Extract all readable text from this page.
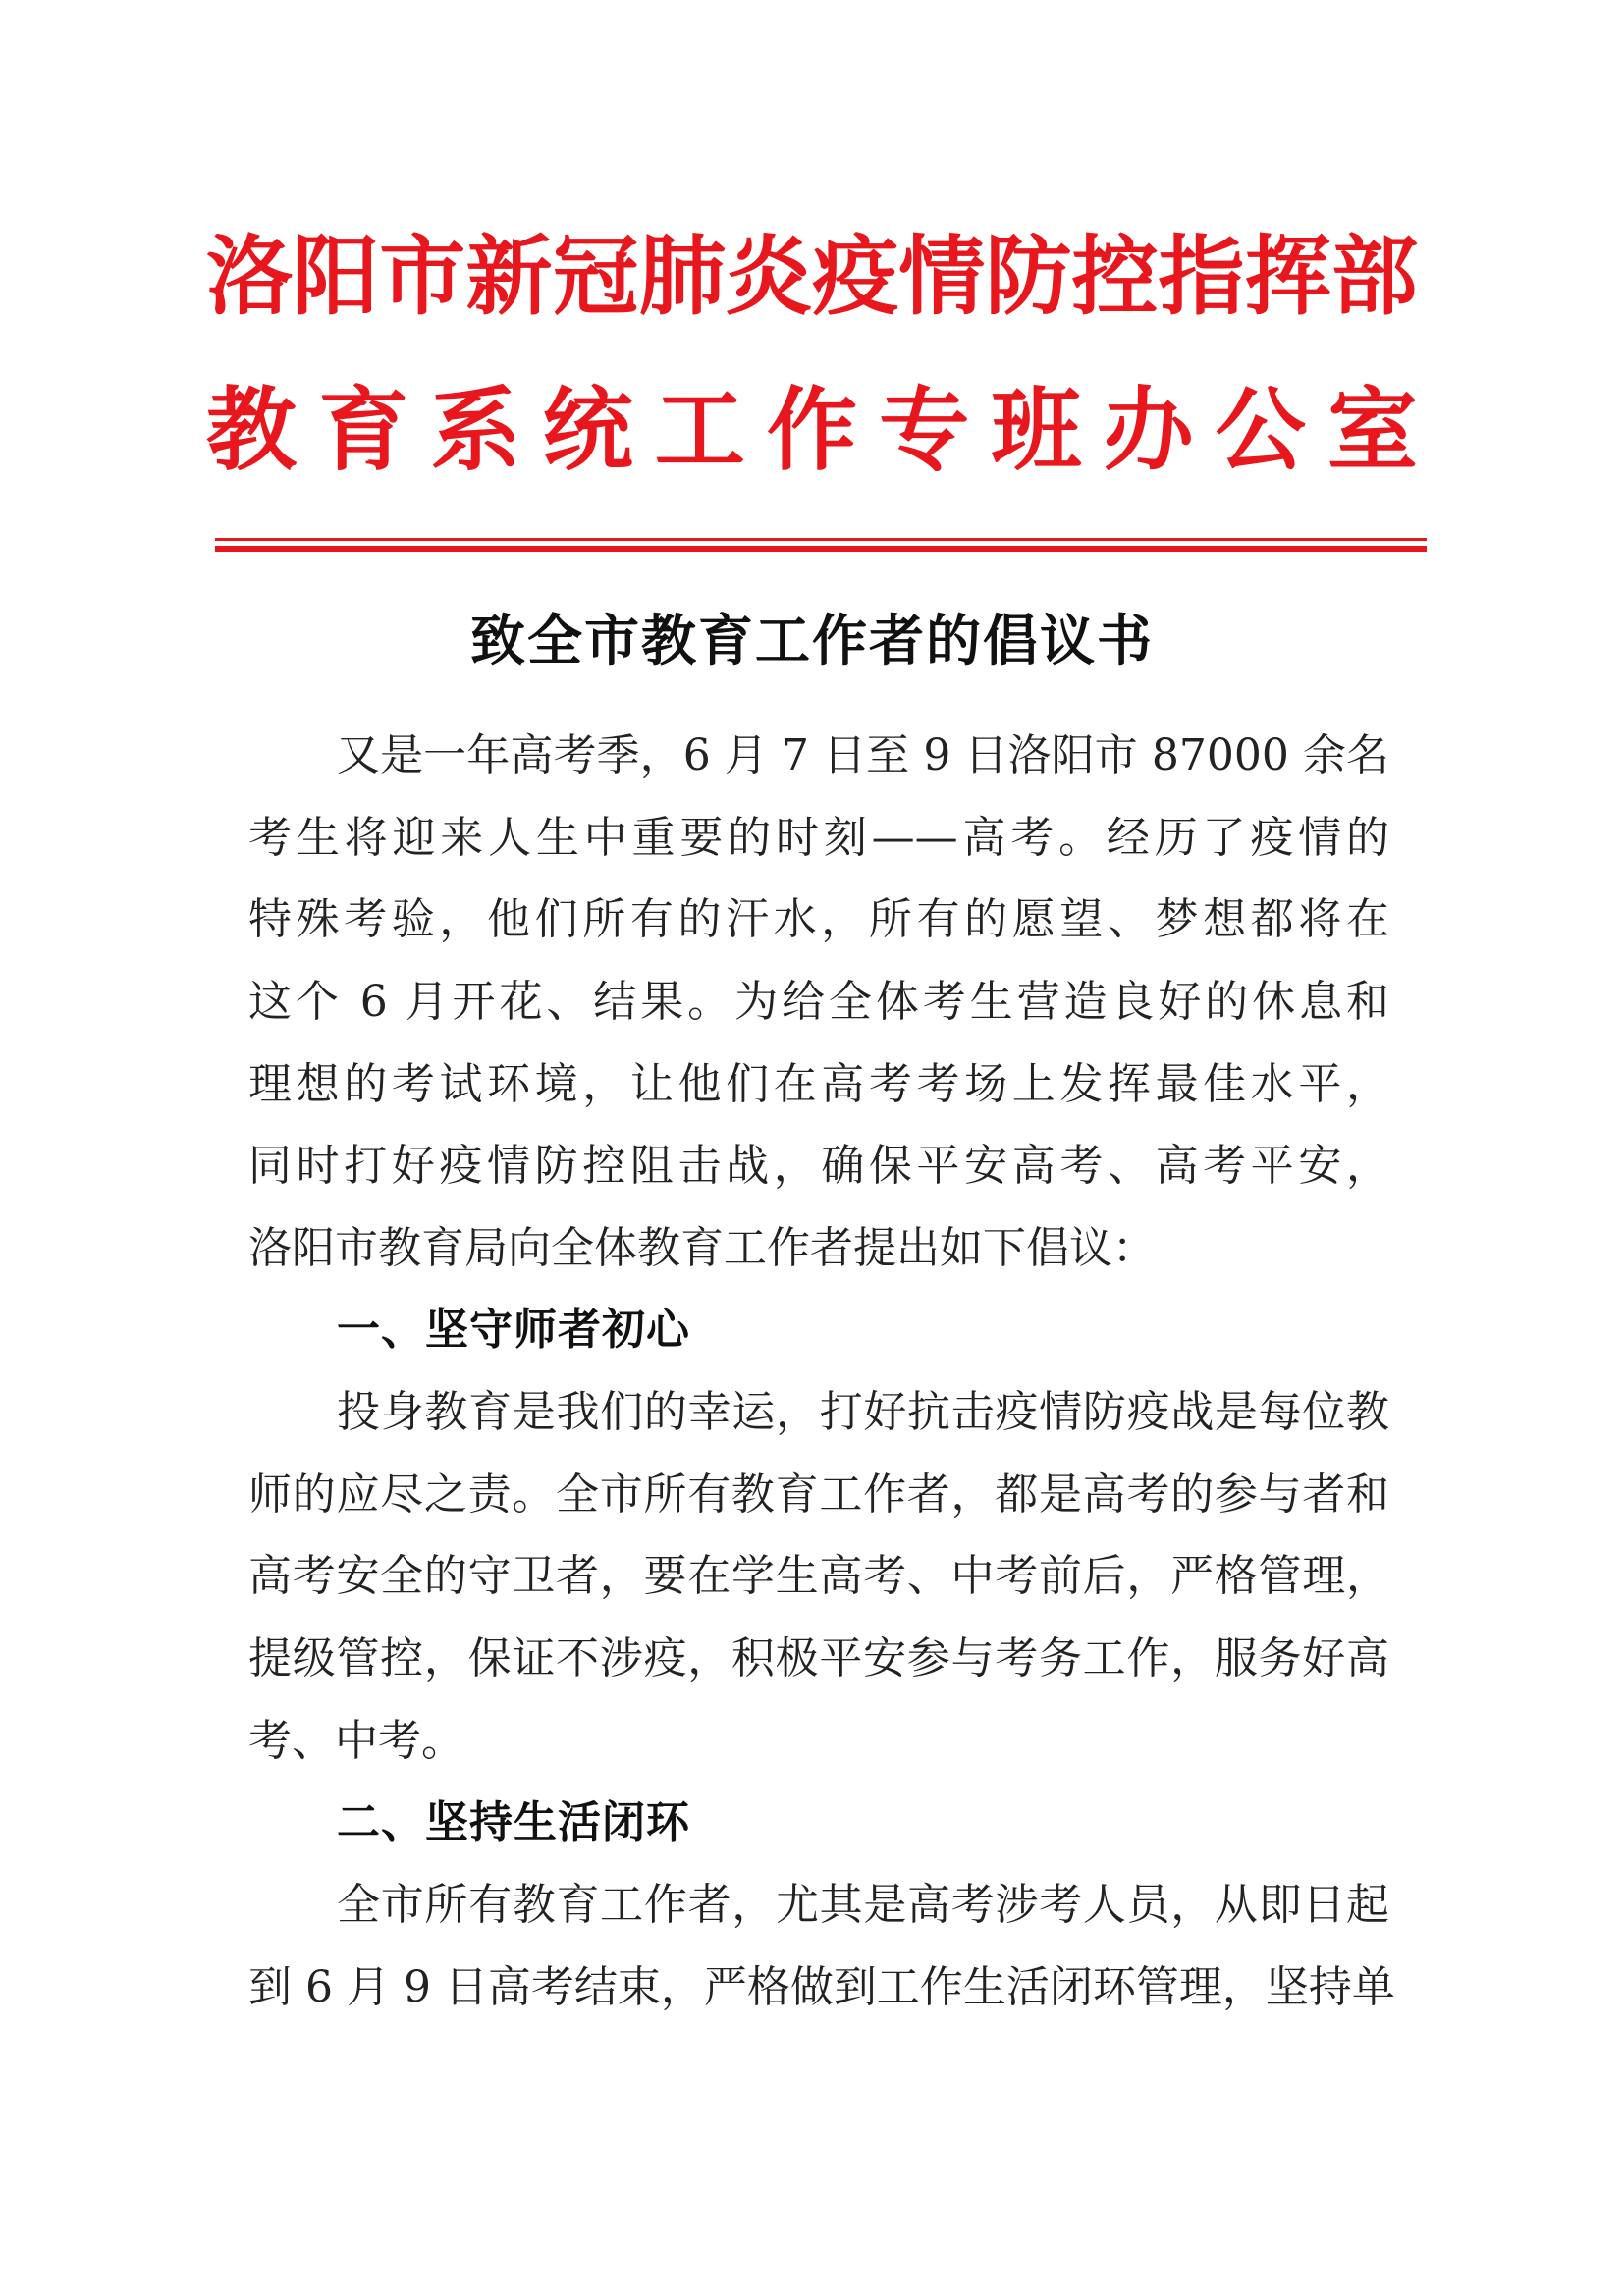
洛阳市新冠肺炎疫情防控指挥部
教育系统工作专班办公室
致全市教育工作者的倡议书
又是一年高考季，6 月 7 日至 9 日洛阳市 87000 余名
考生将迎来人生中重要的时刻——高考。经历了疫情的
特殊考验，他们所有的汗水，所有的愿望、梦想都将在
这个 6 月开花、结果。为给全体考生营造良好的休息和
理想的考试环境，让他们在高考考场上发挥最佳水平，
同时打好疫情防控阻击战，确保平安高考、高考平安，
洛阳市教育局向全体教育工作者提出如下倡议：
一、坚守师者初心
投身教育是我们的幸运，打好抗击疫情防疫战是每位教
师的应尽之责。全市所有教育工作者，都是高考的参与者和
高考安全的守卫者，要在学生高考、中考前后，严格管理，
提级管控，保证不涉疫，积极平安参与考务工作，服务好高
考、中考。
二、坚持生活闭环
全市所有教育工作者，尤其是高考涉考人员，从即日起
到 6 月 9 日高考结束，严格做到工作生活闭环管理，坚持单
